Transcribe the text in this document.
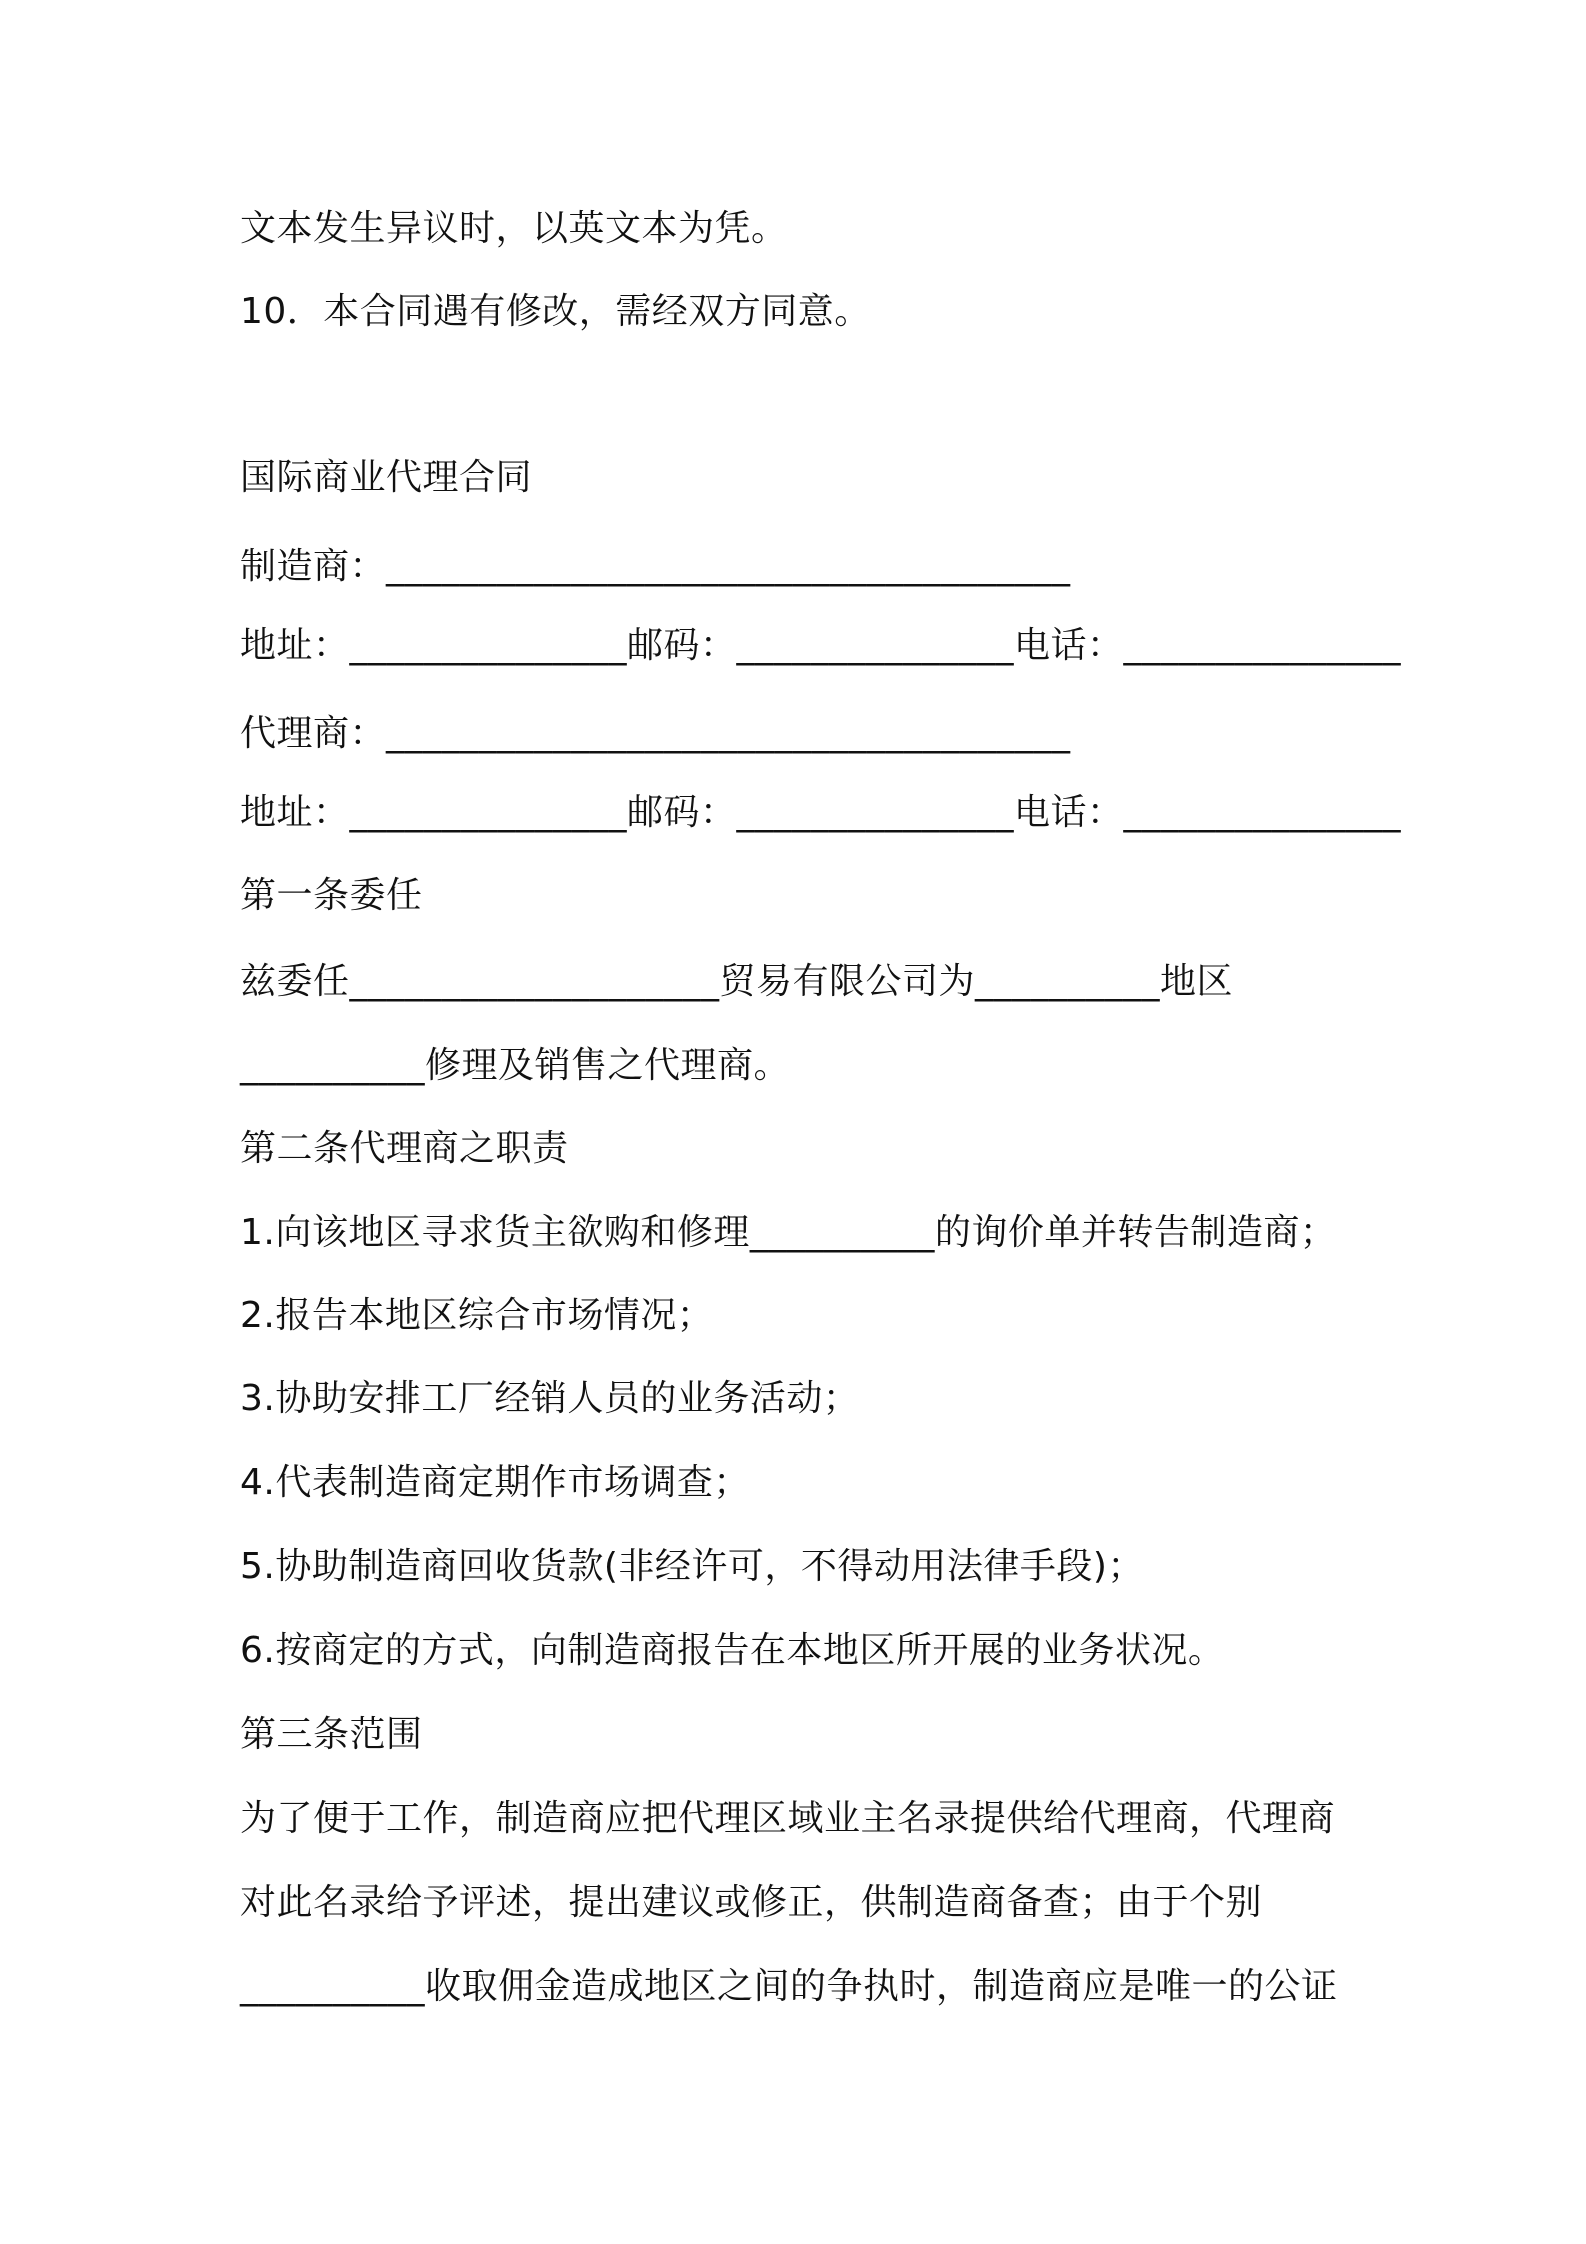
文本发生异议时，以英文本为凭。
10．本合同遇有修改，需经双方同意。
国际商业代理合同
制造商：_____________________________________
地址：_______________邮码：_______________电话：_______________
代理商：_____________________________________
地址：_______________邮码：_______________电话：_______________
第一条委任
兹委任____________________贸易有限公司为__________地区
__________修理及销售之代理商。
第二条代理商之职责
1.向该地区寻求货主欲购和修理__________的询价单并转告制造商；
2.报告本地区综合市场情况；
3.协助安排工厂经销人员的业务活动；
4.代表制造商定期作市场调查；
5.协助制造商回收货款(非经许可，不得动用法律手段)；
6.按商定的方式，向制造商报告在本地区所开展的业务状况。
第三条范围
为了便于工作，制造商应把代理区域业主名录提供给代理商，代理商
对此名录给予评述，提出建议或修正，供制造商备查；由于个别
__________收取佣金造成地区之间的争执时，制造商应是唯一的公证
